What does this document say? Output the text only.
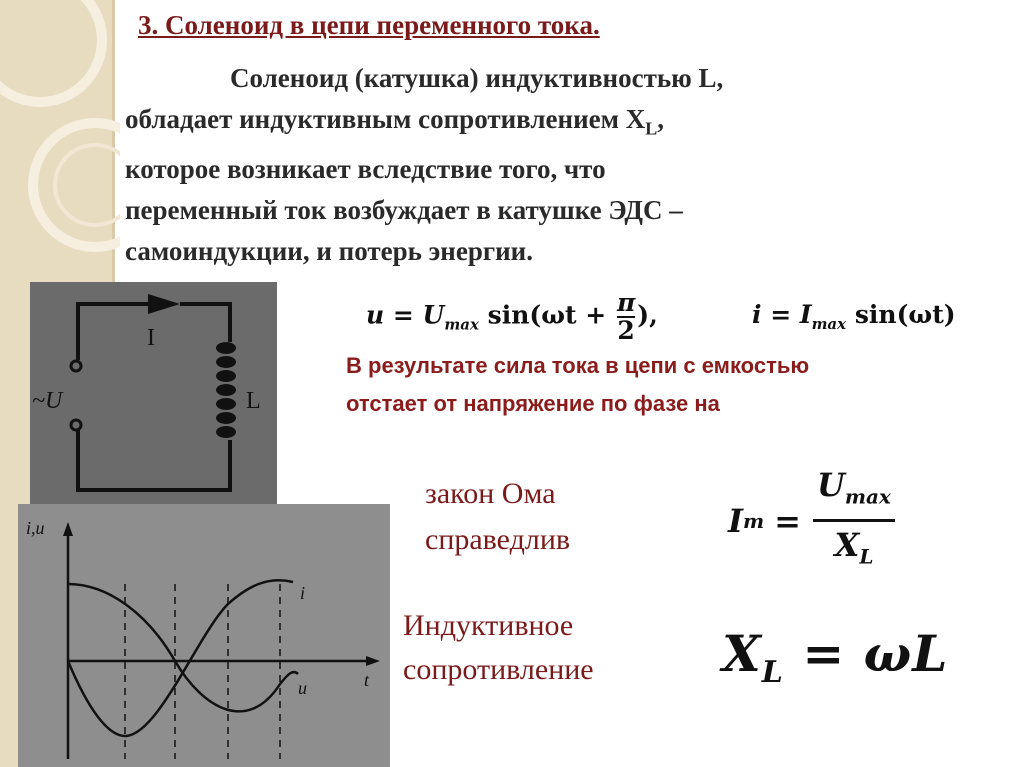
3. Соленоид в цепи переменного тока.
Соленоид (катушка) индуктивностью L,
обладает индуктивным сопротивлением $X_L$,
которое возникает вследствие того, что
переменный ток возбуждает в катушке ЭДС –
самоиндукции, и потерь энергии.
I
~U	L
$u = U_{max}$ $\sin(\omega t + \frac{\pi}{2}$ ),	$i = I_{max}$ sin(ωt)
В результате сила тока в цепи с емкостью
отстает от напряжение по фазе на
закон Ома
справедлив	I m =
$U_{max}$
$X_L$
Индуктивное
сопротивление	$X_L = \omega L$
i,u
t
i
u
